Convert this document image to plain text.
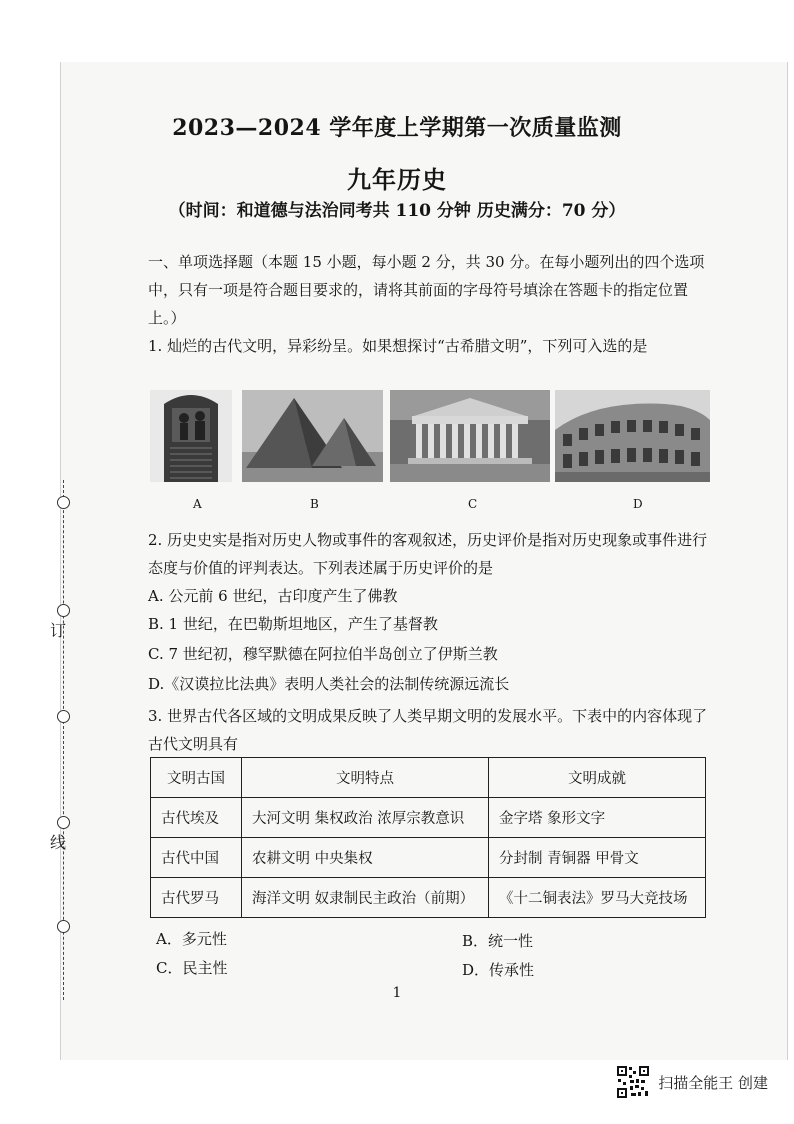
订
线
2023—2024 学年度上学期第一次质量监测
九年历史
（时间：和道德与法治同考共 110 分钟 历史满分：70 分）
一、单项选择题（本题 15 小题，每小题 2 分，共 30 分。在每小题列出的四个选项中，只有一项是符合题目要求的，请将其前面的字母符号填涂在答题卡的指定位置上。）
1. 灿烂的古代文明，异彩纷呈。如果想探讨“古希腊文明”，下列可入选的是
A	B	C	D
2. 历史史实是指对历史人物或事件的客观叙述，历史评价是指对历史现象或事件进行态度与价值的评判表达。下列表述属于历史评价的是
A. 公元前 6 世纪，古印度产生了佛教
B. 1 世纪，在巴勒斯坦地区，产生了基督教
C. 7 世纪初，穆罕默德在阿拉伯半岛创立了伊斯兰教
D.《汉谟拉比法典》表明人类社会的法制传统源远流长
3. 世界古代各区域的文明成果反映了人类早期文明的发展水平。下表中的内容体现了古代文明具有
文明古国	文明特点	文明成就
古代埃及	大河文明 集权政治 浓厚宗教意识	金字塔 象形文字
古代中国	农耕文明 中央集权	分封制 青铜器 甲骨文
古代罗马	海洋文明 奴隶制民主政治（前期）	《十二铜表法》罗马大竞技场
A．多元性	B．统一性
C．民主性	D．传承性
1
扫描全能王 创建
